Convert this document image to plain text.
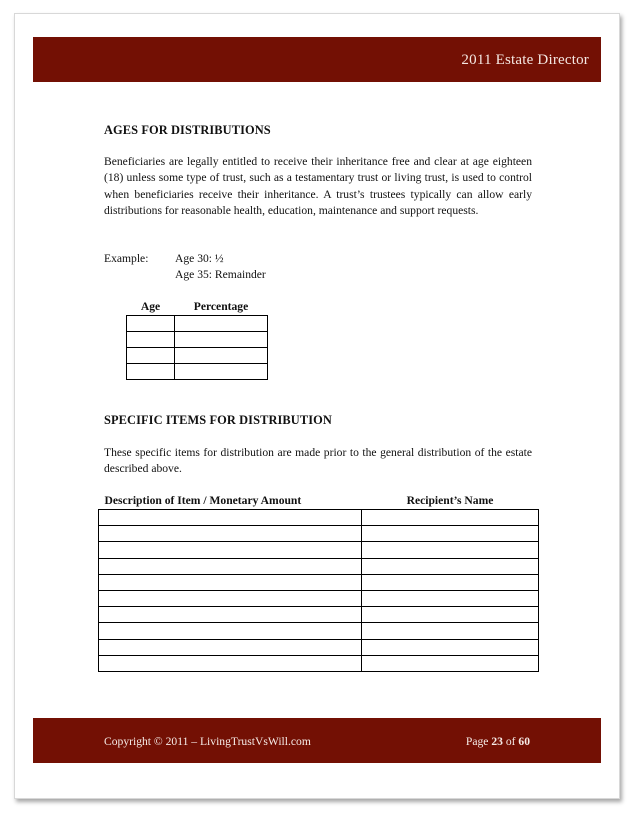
2011 Estate Director
AGES FOR DISTRIBUTIONS
Beneficiaries are legally entitled to receive their inheritance free and clear at age eighteen (18) unless some type of trust, such as a testamentary trust or living trust, is used to control when beneficiaries receive their inheritance. A trust’s trustees typically can allow early distributions for reasonable health, education, maintenance and support requests.
Example: Age 30: ½
Age 35: Remainder
Age	Percentage

SPECIFIC ITEMS FOR DISTRIBUTION
These specific items for distribution are made prior to the general distribution of the estate described above.
Description of Item / Monetary Amount	Recipient’s Name

Copyright © 2011 – LivingTrustVsWill.com	Page 23 of 60
